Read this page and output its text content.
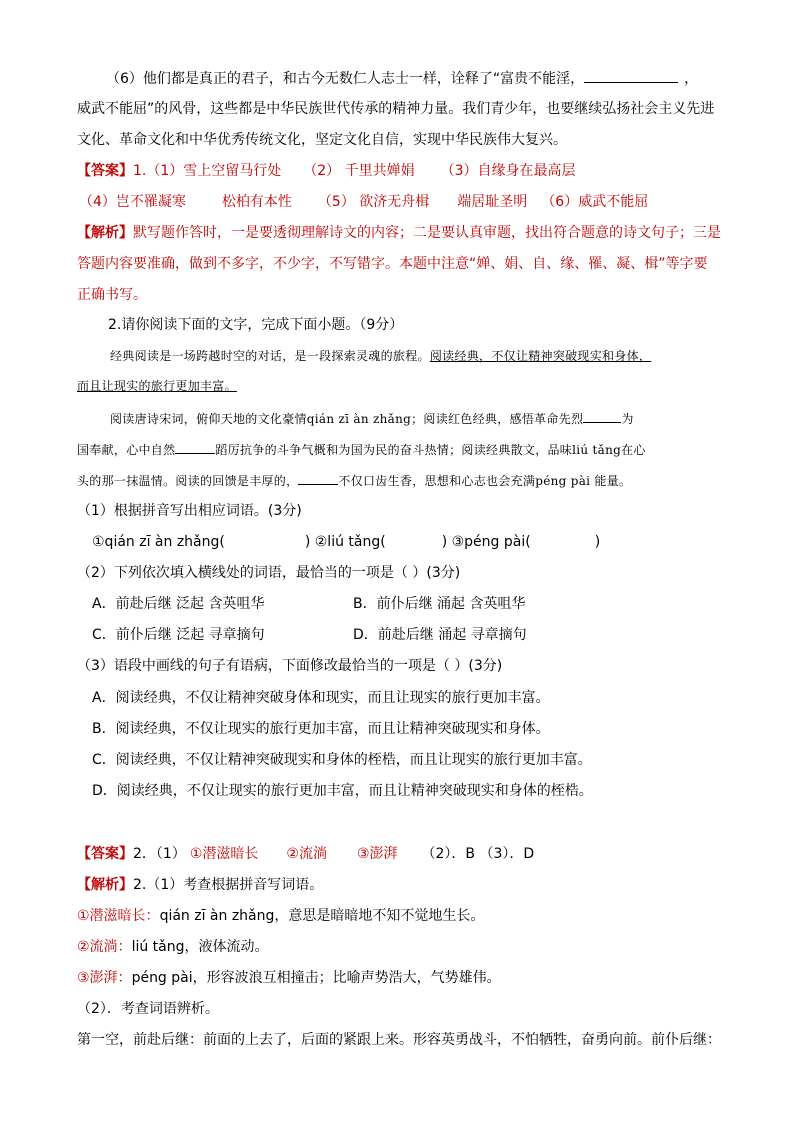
（6）他们都是真正的君子，和古今无数仁人志士一样，诠释了“富贵不能淫，	，
威武不能屈”的风骨，这些都是中华民族世代传承的精神力量。我们青少年，也要继续弘扬社会主义先进
文化、革命文化和中华优秀传统文化，坚定文化自信，实现中华民族伟大复兴。
【答案】1.（1）雪上空留马行处 （2） 千里共婵娟 （3）自缘身在最高层
（4）岂不罹凝寒	松柏有本性 （5） 欲济无舟楫 端居耻圣明 （6）威武不能屈
【解析】默写题作答时，一是要透彻理解诗文的内容；二是要认真审题，找出符合题意的诗文句子；三是
答题内容要准确，做到不多字，不少字，不写错字。本题中注意“婵、娟、自、缘、罹、凝、楫”等字要
正确书写。
2.请你阅读下面的文字，完成下面小题。（9分）
经典阅读是一场跨越时空的对话，是一段探索灵魂的旅程。阅读经典，不仅让精神突破现实和身体，
而且让现实的旅行更加丰富。
阅读唐诗宋词，俯仰天地的文化豪情qián zī àn zhǎng；阅读红色经典，感悟革命先烈	为
国奉献，心中自然	蹈厉抗争的斗争气概和为国为民的奋斗热情；阅读经典散文，品味liú tǎng在心
头的那一抹温情。阅读的回馈是丰厚的，	不仅口齿生香，思想和心志也会充满péng pài 能量。
（1）根据拼音写出相应词语。(3分)
①qián zī àn zhǎng(	) ②liú tǎng(	) ③péng pài(	)
（2）下列依次填入横线处的词语，最恰当的一项是（ ）(3分)
A．前赴后继 泛起 含英咀华	B．前仆后继 涌起 含英咀华
C．前仆后继 泛起 寻章摘句	D．前赴后继 涌起 寻章摘句
（3）语段中画线的句子有语病，下面修改最恰当的一项是（ ）(3分)
A．阅读经典，不仅让精神突破身体和现实，而且让现实的旅行更加丰富。
B．阅读经典，不仅让现实的旅行更加丰富，而且让精神突破现实和身体。
C．阅读经典，不仅让精神突破现实和身体的桎梏，而且让现实的旅行更加丰富。
D．阅读经典，不仅让现实的旅行更加丰富，而且让精神突破现实和身体的桎梏。
【答案】2．（1） ①潜滋暗长 ②流淌 ③澎湃 （2）．B （3）．D
【解析】2.（1）考查根据拼音写词语。
①潜滋暗长：qián zī àn zhǎng，意思是暗暗地不知不觉地生长。
②流淌：liú tǎng，液体流动。
③澎湃：péng pài，形容波浪互相撞击；比喻声势浩大，气势雄伟。
（2）．考查词语辨析。
第一空，前赴后继：前面的上去了，后面的紧跟上来。形容英勇战斗，不怕牺牲，奋勇向前。前仆后继：
